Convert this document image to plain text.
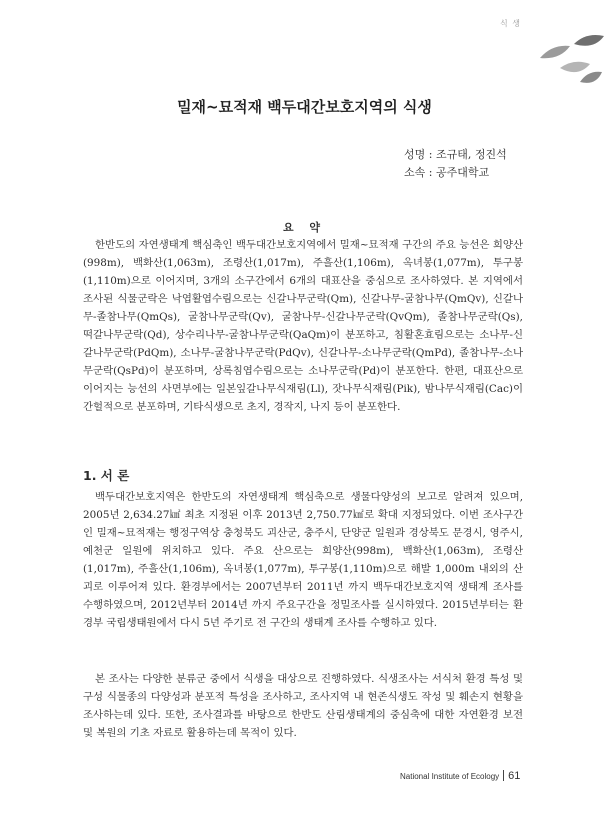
식 생
밀재~묘적재 백두대간보호지역의 식생
성명 : 조규태, 정진석
소속 : 공주대학교
요 약
한반도의 자연생태계 핵심축인 백두대간보호지역에서 밀재~묘적재 구간의 주요 능선은 희양산(998m), 백화산(1,063m), 조령산(1,017m), 주흘산(1,106m), 옥녀봉(1,077m), 투구봉(1,110m)으로 이어지며, 3개의 소구간에서 6개의 대표산을 중심으로 조사하였다. 본 지역에서 조사된 식물군락은 낙엽활엽수림으로는 신갈나무군락(Qm), 신갈나무-굴참나무(QmQv), 신갈나무-졸참나무(QmQs), 굴참나무군락(Qv), 굴참나무-신갈나무군락(QvQm), 졸참나무군락(Qs), 떡갈나무군락(Qd), 상수리나무-굴참나무군락(QaQm)이 분포하고, 침활혼효림으로는 소나무-신갈나무군락(PdQm), 소나무-굴참나무군락(PdQv), 신갈나무-소나무군락(QmPd), 졸참나무-소나무군락(QsPd)이 분포하며, 상록침엽수림으로는 소나무군락(Pd)이 분포한다. 한편, 대표산으로 이어지는 능선의 사면부에는 일본잎갈나무식재림(Ll), 잣나무식재림(Pik), 밤나무식재림(Cac)이 간헐적으로 분포하며, 기타식생으로 초지, 경작지, 나지 등이 분포한다.
1. 서 론
백두대간보호지역은 한반도의 자연생태계 핵심축으로 생물다양성의 보고로 알려져 있으며, 2005년 2,634.27㎢ 최초 지정된 이후 2013년 2,750.77㎢로 확대 지정되었다. 이번 조사구간인 밀재~묘적재는 행정구역상 충청북도 괴산군, 충주시, 단양군 일원과 경상북도 문경시, 영주시, 예천군 일원에 위치하고 있다. 주요 산으로는 희양산(998m), 백화산(1,063m), 조령산(1,017m), 주흘산(1,106m), 옥녀봉(1,077m), 투구봉(1,110m)으로 해발 1,000m 내외의 산괴로 이루어져 있다. 환경부에서는 2007년부터 2011년 까지 백두대간보호지역 생태계 조사를 수행하였으며, 2012년부터 2014년 까지 주요구간을 정밀조사를 실시하였다. 2015년부터는 환경부 국립생태원에서 다시 5년 주기로 전 구간의 생태계 조사를 수행하고 있다.
본 조사는 다양한 분류군 중에서 식생을 대상으로 진행하였다. 식생조사는 서식처 환경 특성 및 구성 식물종의 다양성과 분포적 특성을 조사하고, 조사지역 내 현존식생도 작성 및 훼손지 현황을 조사하는데 있다. 또한, 조사결과를 바탕으로 한반도 산림생태계의 중심축에 대한 자연환경 보전 및 복원의 기초 자료로 활용하는데 목적이 있다.
National Institute of Ecology 61
